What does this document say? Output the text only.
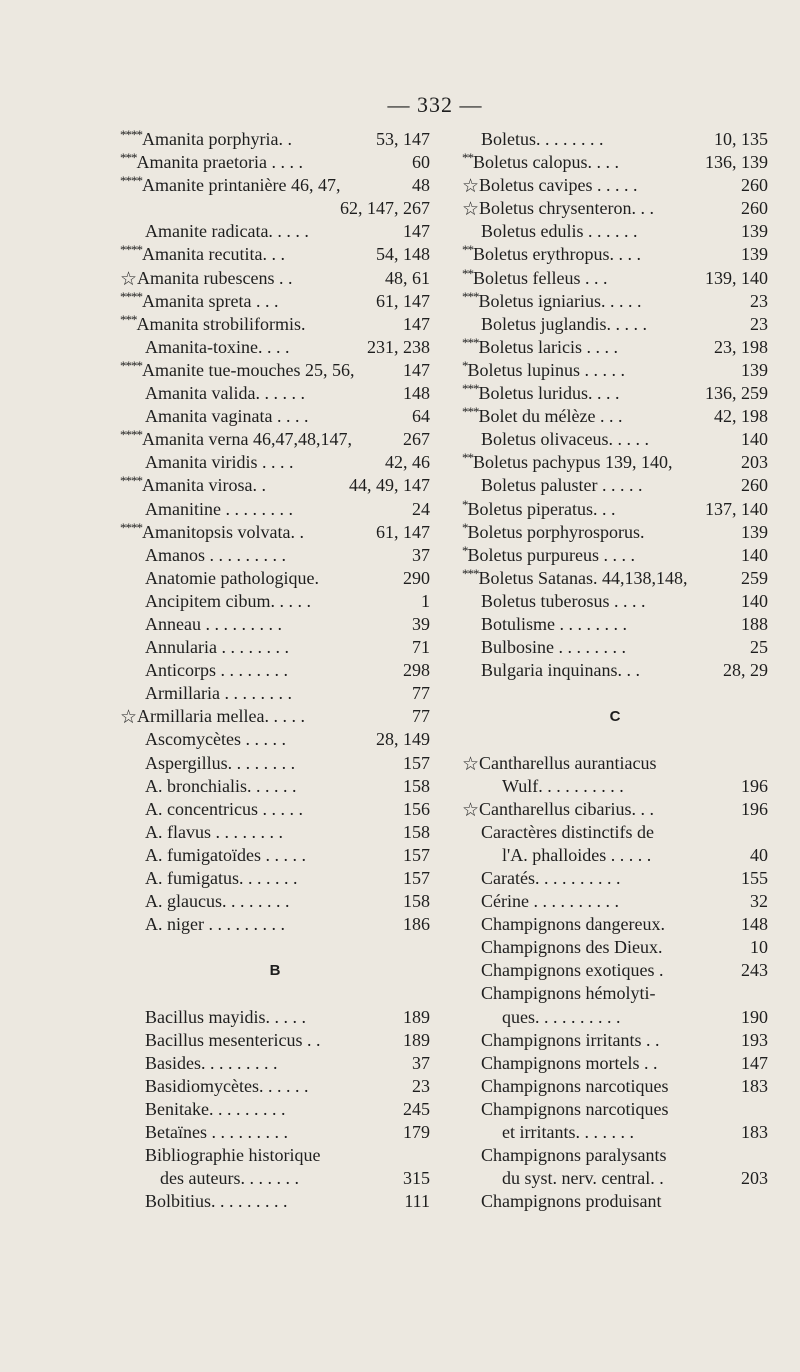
— 332 —
**** Amanita porphyria. .	53, 147
*** Amanita praetoria . . . .	60
**** Amanite printanière 46, 47,	48
62, 147, 267
Amanite radicata. . . . .	147
**** Amanita recutita. . .	54, 148
☆ Amanita rubescens . .	48, 61
**** Amanita spreta . . .	61, 147
*** Amanita strobiliformis.	147
Amanita-toxine. . . .	231, 238
**** Amanite tue-mouches 25, 56,	147
Amanita valida. . . . . .	148
Amanita vaginata . . . .	64
**** Amanita verna 46,47,48,147,	267
Amanita viridis . . . .	42, 46
**** Amanita virosa. .	44, 49, 147
Amanitine . . . . . . . .	24
**** Amanitopsis volvata. .	61, 147
Amanos . . . . . . . . .	37
Anatomie pathologique.	290
Ancipitem cibum. . . . .	1
Anneau . . . . . . . . .	39
Annularia . . . . . . . .	71
Anticorps . . . . . . . .	298
Armillaria . . . . . . . .	77
☆ Armillaria mellea. . . . .	77
Ascomycètes . . . . .	28, 149
Aspergillus. . . . . . . .	157
A. bronchialis. . . . . .	158
A. concentricus . . . . .	156
A. flavus . . . . . . . .	158
A. fumigatoïdes . . . . .	157
A. fumigatus. . . . . . .	157
A. glaucus. . . . . . . .	158
A. niger . . . . . . . . .	186
B
Bacillus mayidis. . . . .	189
Bacillus mesentericus . .	189
Basides. . . . . . . . .	37
Basidiomycètes. . . . . .	23
Benitake. . . . . . . . .	245
Betaïnes . . . . . . . . .	179
Bibliographie historique
des auteurs. . . . . . .	315
Bolbitius. . . . . . . . .	111
Boletus. . . . . . . .	10, 135
** Boletus calopus. . . .	136, 139
☆ Boletus cavipes . . . . .	260
☆ Boletus chrysenteron. . .	260
Boletus edulis . . . . . .	139
** Boletus erythropus. . . .	139
** Boletus felleus . . .	139, 140
*** Boletus igniarius. . . . .	23
Boletus juglandis. . . . .	23
*** Boletus laricis . . . .	23, 198
* Boletus lupinus . . . . .	139
*** Boletus luridus. . . .	136, 259
*** Bolet du mélèze . . .	42, 198
Boletus olivaceus. . . . .	140
** Boletus pachypus 139, 140,	203
Boletus paluster . . . . .	260
* Boletus piperatus. . .	137, 140
* Boletus porphyrosporus.	139
* Boletus purpureus . . . .	140
*** Boletus Satanas. 44,138,148,	259
Boletus tuberosus . . . .	140
Botulisme . . . . . . . .	188
Bulbosine . . . . . . . .	25
Bulgaria inquinans. . .	28, 29
C
☆ Cantharellus aurantiacus
Wulf. . . . . . . . . .	196
☆ Cantharellus cibarius. . .	196
Caractères distinctifs de
l'A. phalloides . . . . .	40
Caratés. . . . . . . . . .	155
Cérine . . . . . . . . . .	32
Champignons dangereux.	148
Champignons des Dieux.	10
Champignons exotiques .	243
Champignons hémolyti-
ques. . . . . . . . . .	190
Champignons irritants . .	193
Champignons mortels . .	147
Champignons narcotiques	183
Champignons narcotiques
et irritants. . . . . . .	183
Champignons paralysants
du syst. nerv. central. .	203
Champignons produisant
